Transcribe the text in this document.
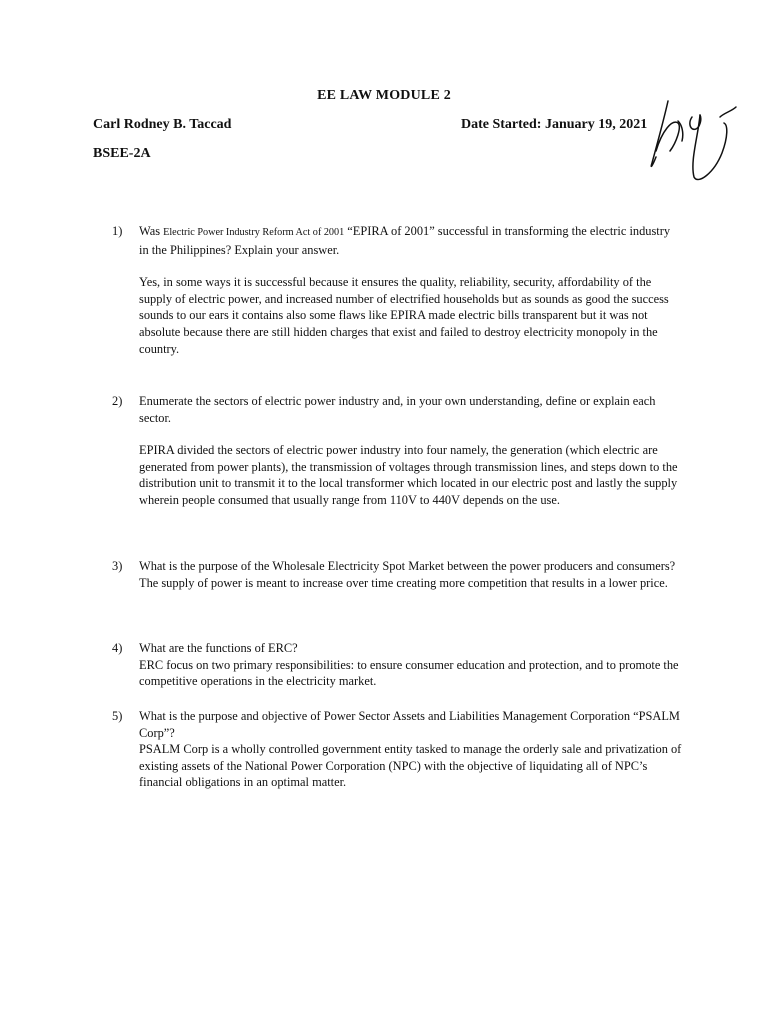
EE LAW MODULE 2
Carl Rodney B. Taccad	Date Started: January 19, 2021
BSEE-2A
1) Was Electric Power Industry Reform Act of 2001 “EPIRA of 2001” successful in transforming the electric industry in the Philippines? Explain your answer.
Yes, in some ways it is successful because it ensures the quality, reliability, security, affordability of the supply of electric power, and increased number of electrified households but as sounds as good the success sounds to our ears it contains also some flaws like EPIRA made electric bills transparent but it was not absolute because there are still hidden charges that exist and failed to destroy electricity monopoly in the country.
2) Enumerate the sectors of electric power industry and, in your own understanding, define or explain each sector.
EPIRA divided the sectors of electric power industry into four namely, the generation (which electric are generated from power plants), the transmission of voltages through transmission lines, and steps down to the distribution unit to transmit it to the local transformer which located in our electric post and lastly the supply wherein people consumed that usually range from 110V to 440V depends on the use.
3) What is the purpose of the Wholesale Electricity Spot Market between the power producers and consumers?
The supply of power is meant to increase over time creating more competition that results in a lower price.
4) What are the functions of ERC?
ERC focus on two primary responsibilities: to ensure consumer education and protection, and to promote the competitive operations in the electricity market.
5) What is the purpose and objective of Power Sector Assets and Liabilities Management Corporation “PSALM Corp”?
PSALM Corp is a wholly controlled government entity tasked to manage the orderly sale and privatization of existing assets of the National Power Corporation (NPC) with the objective of liquidating all of NPC’s financial obligations in an optimal matter.
